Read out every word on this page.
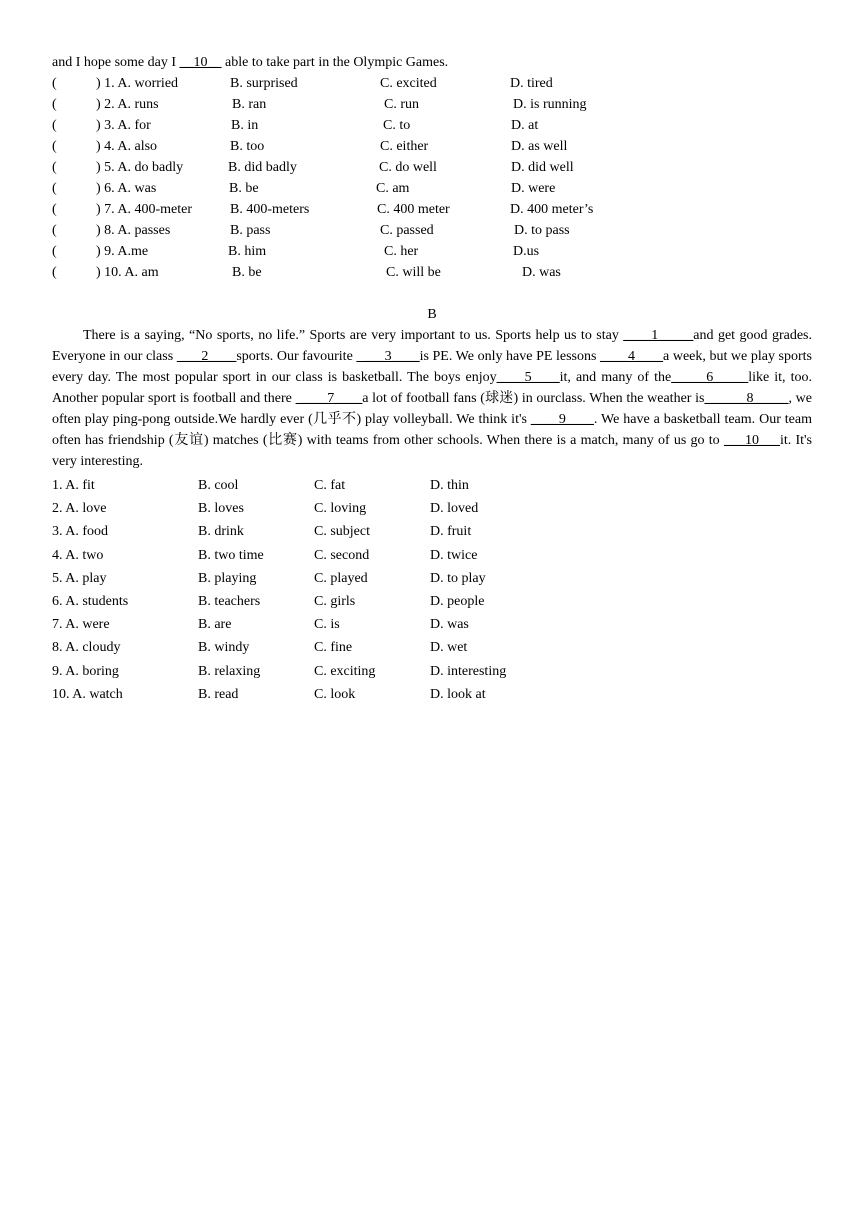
and I hope some day I __10__ able to take part in the Olympic Games.
(	) 1. A. worried	B. surprised	C. excited	D. tired
(	) 2. A. runs	B. ran	C. run	D. is running
(	) 3. A. for	B. in	C. to	D. at
(	) 4. A. also	B. too	C. either	D. as well
(	) 5. A. do badly	B. did badly	C. do well	D. did well
(	) 6. A. was	B. be	C. am	D. were
(	) 7. A. 400-meter	B. 400-meters	C. 400 meter	D. 400 meter’s
(	) 8. A. passes	B. pass	C. passed	D. to pass
(	) 9. A.me	B. him	C. her	D.us
(	) 10. A. am	B. be	C. will be	D. was
B

There is a saying, “No sports, no life.” Sports are very important to us. Sports help us to stay ____1_____and get good grades. Everyone in our class  ___2____sports. Our favourite   ___3____is PE. We only have PE lessons ____4____a week, but we play sports every day. The most popular sport in our class is basketball. The boys enjoy____5____it, and many of the_____6_____like it, too. Another popular sport is football and there  ____7____a lot of football fans (球迷) in ourclass. When the weather is______8_____, we often play ping-pong outside.We hardly ever (几乎不) play volleyball. We think it's ____9____. We have a basketball team. Our team often has friendship (友谊) matches (比赛) with teams from other schools. When there is a match, many of us go to ___10___it. It's very interesting.

1. A. fit	B. cool	C. fat	D. thin
2. A. love	B. loves	C. loving	D. loved
3. A. food	B. drink	C. subject	D. fruit
4. A. two	B. two time	C. second	D. twice
5. A. play	B. playing	C. played	D. to play
6. A. students	B. teachers	C. girls	D. people
7. A. were	B. are	C. is	D. was
8. A. cloudy	B. windy	C. fine	D. wet
9. A. boring	B. relaxing	C. exciting	D. interesting
10. A. watch	B. read	C. look	D. look at
